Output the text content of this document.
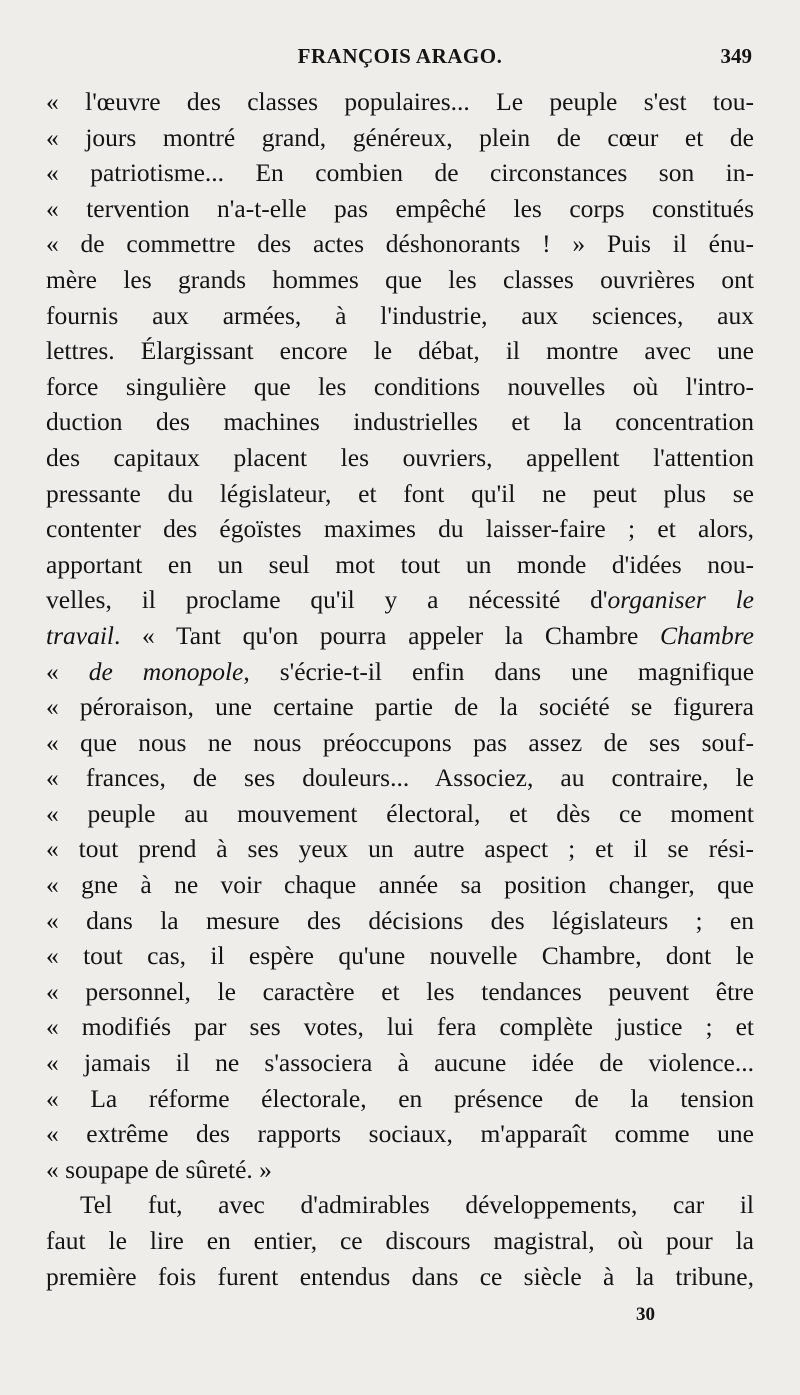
FRANÇOIS ARAGO.	349
« l'œuvre des classes populaires... Le peuple s'est tou-
« jours montré grand, généreux, plein de cœur et de
« patriotisme... En combien de circonstances son in-
« tervention n'a-t-elle pas empêché les corps constitués
« de commettre des actes déshonorants ! » Puis il énu-
mère les grands hommes que les classes ouvrières ont
fournis aux armées, à l'industrie, aux sciences, aux
lettres. Élargissant encore le débat, il montre avec une
force singulière que les conditions nouvelles où l'intro-
duction des machines industrielles et la concentration
des capitaux placent les ouvriers, appellent l'attention
pressante du législateur, et font qu'il ne peut plus se
contenter des égoïstes maximes du laisser-faire ; et alors,
apportant en un seul mot tout un monde d'idées nou-
velles, il proclame qu'il y a nécessité d'organiser le
travail. « Tant qu'on pourra appeler la Chambre Chambre
« de monopole, s'écrie-t-il enfin dans une magnifique
« péroraison, une certaine partie de la société se figurera
« que nous ne nous préoccupons pas assez de ses souf-
« frances, de ses douleurs... Associez, au contraire, le
« peuple au mouvement électoral, et dès ce moment
« tout prend à ses yeux un autre aspect ; et il se rési-
« gne à ne voir chaque année sa position changer, que
« dans la mesure des décisions des législateurs ; en
« tout cas, il espère qu'une nouvelle Chambre, dont le
« personnel, le caractère et les tendances peuvent être
« modifiés par ses votes, lui fera complète justice ; et
« jamais il ne s'associera à aucune idée de violence...
« La réforme électorale, en présence de la tension
« extrême des rapports sociaux, m'apparaît comme une
« soupape de sûreté. »
Tel fut, avec d'admirables développements, car il
faut le lire en entier, ce discours magistral, où pour la
première fois furent entendus dans ce siècle à la tribune,
30
